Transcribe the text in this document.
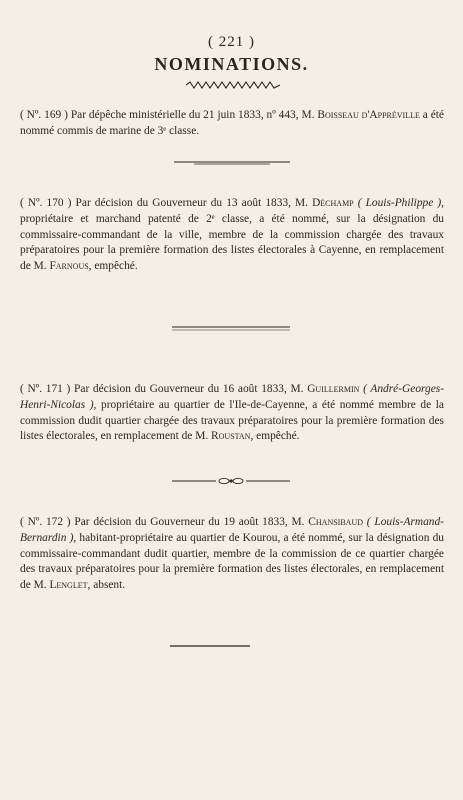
( 221 )
NOMINATIONS.
( Nº. 169 ) Par dépêche ministérielle du 21 juin 1833, nº 443, M. Boisseau d'Appréville a été nommé commis de marine de 3ᵉ classe.
( Nº. 170 ) Par décision du Gouverneur du 13 août 1833, M. Déchamp ( Louis-Philippe ), propriétaire et marchand patenté de 2ᵉ classe, a été nommé, sur la désignation du commissaire-commandant de la ville, membre de la commission chargée des travaux préparatoires pour la première formation des listes électorales à Cayenne, en remplacement de M. Farnous, empêché.
( Nº. 171 ) Par décision du Gouverneur du 16 août 1833, M. Guillermin ( André-Georges-Henri-Nicolas ), propriétaire au quartier de l'Ile-de-Cayenne, a été nommé membre de la commission dudit quartier chargée des travaux préparatoires pour la première formation des listes électorales, en remplacement de M. Roustan, empêché.
( Nº. 172 ) Par décision du Gouverneur du 19 août 1833, M. Chansibaud ( Louis-Armand-Bernardin ), habitant-propriétaire au quartier de Kourou, a été nommé, sur la désignation du commissaire-commandant dudit quartier, membre de la commission de ce quartier chargée des travaux préparatoires pour la première formation des listes électorales, en remplacement de M. Lenglet, absent.
